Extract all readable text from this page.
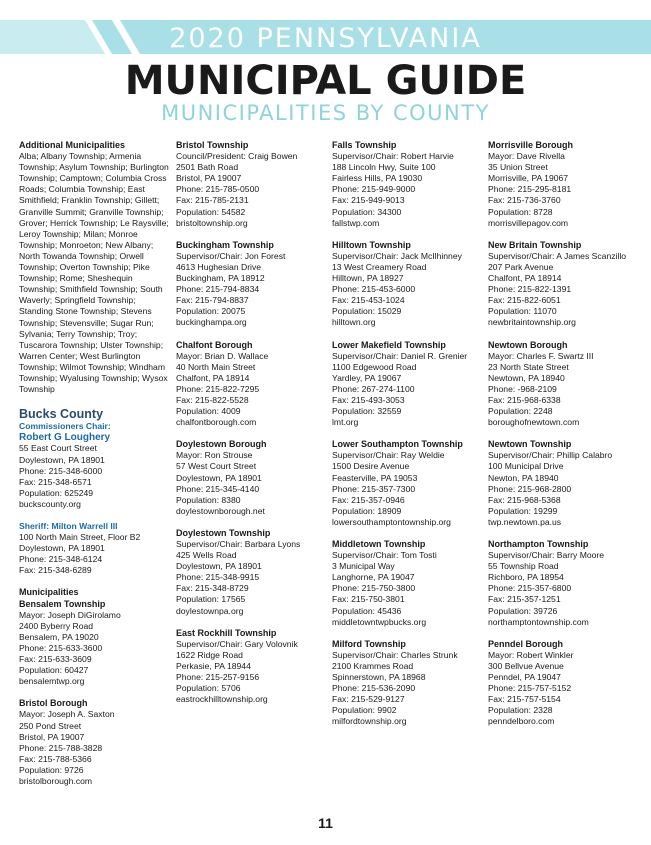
2020 PENNSYLVANIA
MUNICIPAL GUIDE
MUNICIPALITIES BY COUNTY

Additional Municipalities

Alba; Albany Township; Armenia Township; Asylum Township; Burlington Township; Camptown; Columbia Cross Roads; Columbia Township; East Smithfield; Franklin Township; Gillett; Granville Summit; Granville Township; Grover; Herrick Township; Le Raysville; Leroy Township; Milan; Monroe Township; Monroeton; New Albany; North Towanda Township; Orwell Township; Overton Township; Pike Township; Rome; Sheshequin Township; Smithfield Township; South Waverly; Springfield Township; Standing Stone Township; Stevens Township; Stevensville; Sugar Run; Sylvania; Terry Township; Troy; Tuscarora Township; Ulster Township; Warren Center; West Burlington Township; Wilmot Township; Windham Township; Wyalusing Township; Wysox Township

Bucks County

Commissioners Chair:

Robert G Loughery

55 East Court Street

Doylestown, PA 18901

Phone: 215-348-6000

Fax: 215-348-6571

Population: 625249

buckscounty.org

Sheriff: Milton Warrell III

100 North Main Street, Floor B2

Doylestown, PA 18901

Phone: 215-348-6124

Fax: 215-348-6289

Municipalities

Bensalem Township

Mayor: Joseph DiGirolamo

2400 Byberry Road

Bensalem, PA 19020

Phone: 215-633-3600

Fax: 215-633-3609

Population: 60427

bensalemtwp.org

Bristol Borough

Mayor: Joseph A. Saxton

250 Pond Street

Bristol, PA 19007

Phone: 215-788-3828

Fax: 215-788-5366

Population: 9726

bristolborough.com

Bristol Township

Council/President: Craig Bowen

2501 Bath Road

Bristol, PA 19007

Phone: 215-785-0500

Fax: 215-785-2131

Population: 54582

bristoltownship.org

Buckingham Township

Supervisor/Chair: Jon Forest

4613 Hughesian Drive

Buckingham, PA 18912

Phone: 215-794-8834

Fax: 215-794-8837

Population: 20075

buckinghampa.org

Chalfont Borough

Mayor: Brian D. Wallace

40 North Main Street

Chalfont, PA 18914

Phone: 215-822-7295

Fax: 215-822-5528

Population: 4009

chalfontborough.com

Doylestown Borough

Mayor: Ron Strouse

57 West Court Street

Doylestown, PA 18901

Phone: 215-345-4140

Population: 8380

doylestownborough.net

Doylestown Township

Supervisor/Chair: Barbara Lyons

425 Wells Road

Doylestown, PA 18901

Phone: 215-348-9915

Fax: 215-348-8729

Population: 17565

doylestownpa.org

East Rockhill Township

Supervisor/Chair: Gary Volovnik

1622 Ridge Road

Perkasie, PA 18944

Phone: 215-257-9156

Population: 5706

eastrockhilltownship.org

Falls Township

Supervisor/Chair: Robert Harvie

188 Lincoln Hwy, Suite 100

Fairless Hills, PA 19030

Phone: 215-949-9000

Fax: 215-949-9013

Population: 34300

fallstwp.com

Hilltown Township

Supervisor/Chair: Jack McIlhinney

13 West Creamery Road

Hilltown, PA 18927

Phone: 215-453-6000

Fax: 215-453-1024

Population: 15029

hilltown.org

Lower Makefield Township

Supervisor/Chair: Daniel R. Grenier

1100 Edgewood Road

Yardley, PA 19067

Phone: 267-274-1100

Fax: 215-493-3053

Population: 32559

lmt.org

Lower Southampton Township

Supervisor/Chair: Ray Weldie

1500 Desire Avenue

Feasterville, PA 19053

Phone: 215-357-7300

Fax: 215-357-0946

Population: 18909

lowersouthamptontownship.org

Middletown Township

Supervisor/Chair: Tom Tosti

3 Municipal Way

Langhorne, PA 19047

Phone: 215-750-3800

Fax: 215-750-3801

Population: 45436

middletowntwpbucks.org

Milford Township

Supervisor/Chair: Charles Strunk

2100 Krammes Road

Spinnerstown, PA 18968

Phone: 215-536-2090

Fax: 215-529-9127

Population: 9902

milfordtownship.org

Morrisville Borough

Mayor: Dave Rivella

35 Union Street

Morrisville, PA 19067

Phone: 215-295-8181

Fax: 215-736-3760

Population: 8728

morrisvillepagov.com

New Britain Township

Supervisor/Chair: A James Scanzillo

207 Park Avenue

Chalfont, PA 18914

Phone: 215-822-1391

Fax: 215-822-6051

Population: 11070

newbritaintownship.org

Newtown Borough

Mayor: Charles F. Swartz III

23 North State Street

Newtown, PA 18940

Phone: -968-2109

Fax: 215-968-6338

Population: 2248

boroughofnewtown.com

Newtown Township

Supervisor/Chair: Phillip Calabro

100 Municipal Drive

Newton, PA 18940

Phone: 215-968-2800

Fax: 215-968-5368

Population: 19299

twp.newtown.pa.us

Northampton Township

Supervisor/Chair: Barry Moore

55 Township Road

Richboro, PA 18954

Phone: 215-357-6800

Fax: 215-357-1251

Population: 39726

northamptontownship.com

Penndel Borough

Mayor: Robert Winkler

300 Bellvue Avenue

Penndel, PA 19047

Phone: 215-757-5152

Fax: 215-757-5154

Population: 2328

penndelboro.com

11
